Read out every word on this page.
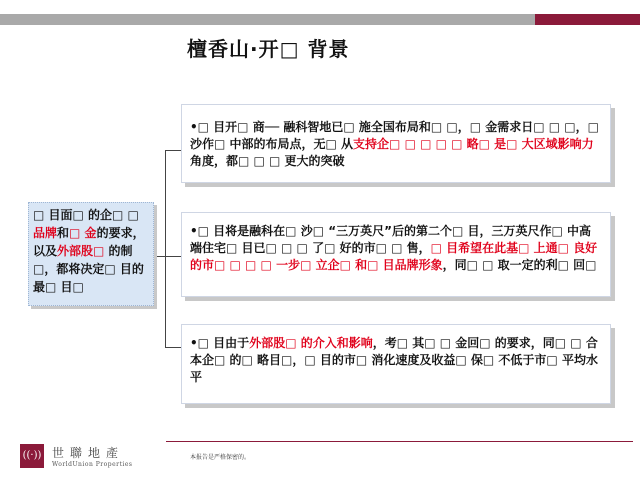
檀香山·开□ 背景
□ 目面□ 的企□ □ 品牌和□ 金的要求，以及外部股□ 的制□，都将决定□ 目的最□ 目□
•□ 目开□ 商── 融科智地已□ 施全国布局和□ □，□ 金需求日□ □ □，□ 沙作□ 中部的布局点，无□ 从支持企□ □ □ □ □ 略□ 是□ 大区域影响力角度，都□ □ □ 更大的突破
•□ 目将是融科在□ 沙□ “三万英尺”后的第二个□ 目，三万英尺作□ 中高端住宅□ 目已□ □ □ 了□ 好的市□ □ 售，□ 目希望在此基□ 上通□ 良好的市□ □ □ □ 一步□ 立企□ 和□ 目品牌形象，同□ □ 取一定的利□ 回□
•□ 目由于外部股□ 的介入和影响，考□ 其□ □ 金回□ 的要求，同□ □ 合本企□ 的□ 略目□，□ 目的市□ 消化速度及收益□ 保□ 不低于市□ 平均水平
本报告是严格保密的。
((·)) 世聯地產
WorldUnion Properties
